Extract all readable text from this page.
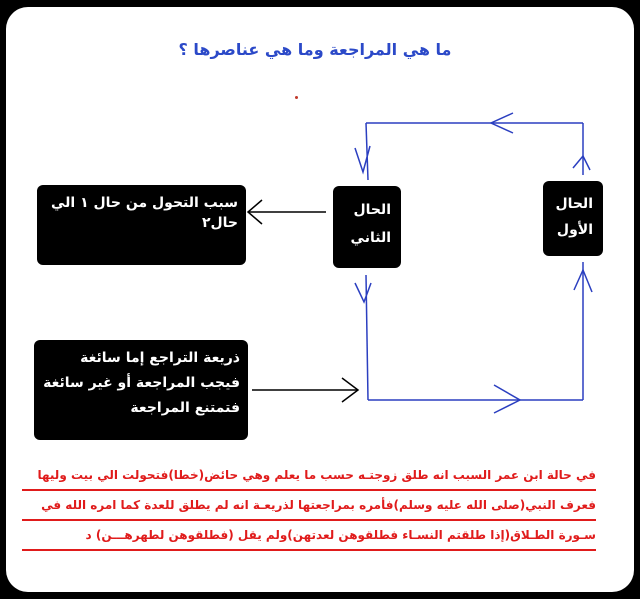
ما هي المراجعة وما هي عناصرها ؟
الحال الأول
الحال الثاني
سبب التحول من حال ١ الي حال٢
ذريعة التراجع إما سائغة فيجب المراجعة أو غير سائغة فتمتنع المراجعة
في حالة ابن عمر السبب انه طلق زوجتـه حسب ما يعلم وهي حائض(خطا)فتحولت الي بيت وليها
فعرف النبي(صلى الله عليه وسلم)فأمره بمراجعتها لذريعـة انه لم يطلق للعدة كما امره الله في
سـورة الطـلاق(إذا طلقتم النسـاء فطلقوهن لعدتهن)ولم يقل (فطلقوهن لطهرهـــن) د
